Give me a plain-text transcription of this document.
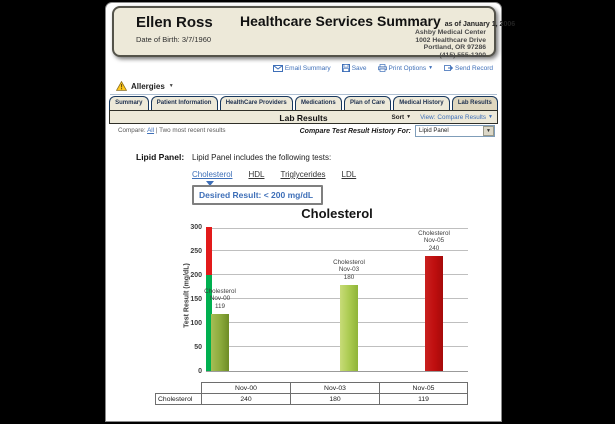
Ellen Ross
Date of Birth: 3/7/1960
Healthcare Services Summary as of January 1, 2006
Ashby Medical Center
1002 Healthcare Drive
Portland, OR 97286
(415) 555-1200
Email Summary	Save	Print Options ▼	Send Record
Allergies ▼
Summary	Patient Information	HealthCare Providers	Medications	Plan of Care	Medical History	Lab Results
Lab Results	Sort ▼ View: Compare Results ▼
Compare: All | Two most recent results	Compare Test Result History For:	Lipid Panel	▼
Lipid Panel: Lipid Panel includes the following tests:
Cholesterol HDL Triglycerides LDL
Desired Result: < 200 mg/dL
Cholesterol
Test Result (mg/dL)
Nov-00	Nov-03	Nov-05
Cholesterol	240	180	119
0
50
100
150
200
250
300
Cholesterol
Nov-00
119
Cholesterol
Nov-03
180
Cholesterol
Nov-05
240
